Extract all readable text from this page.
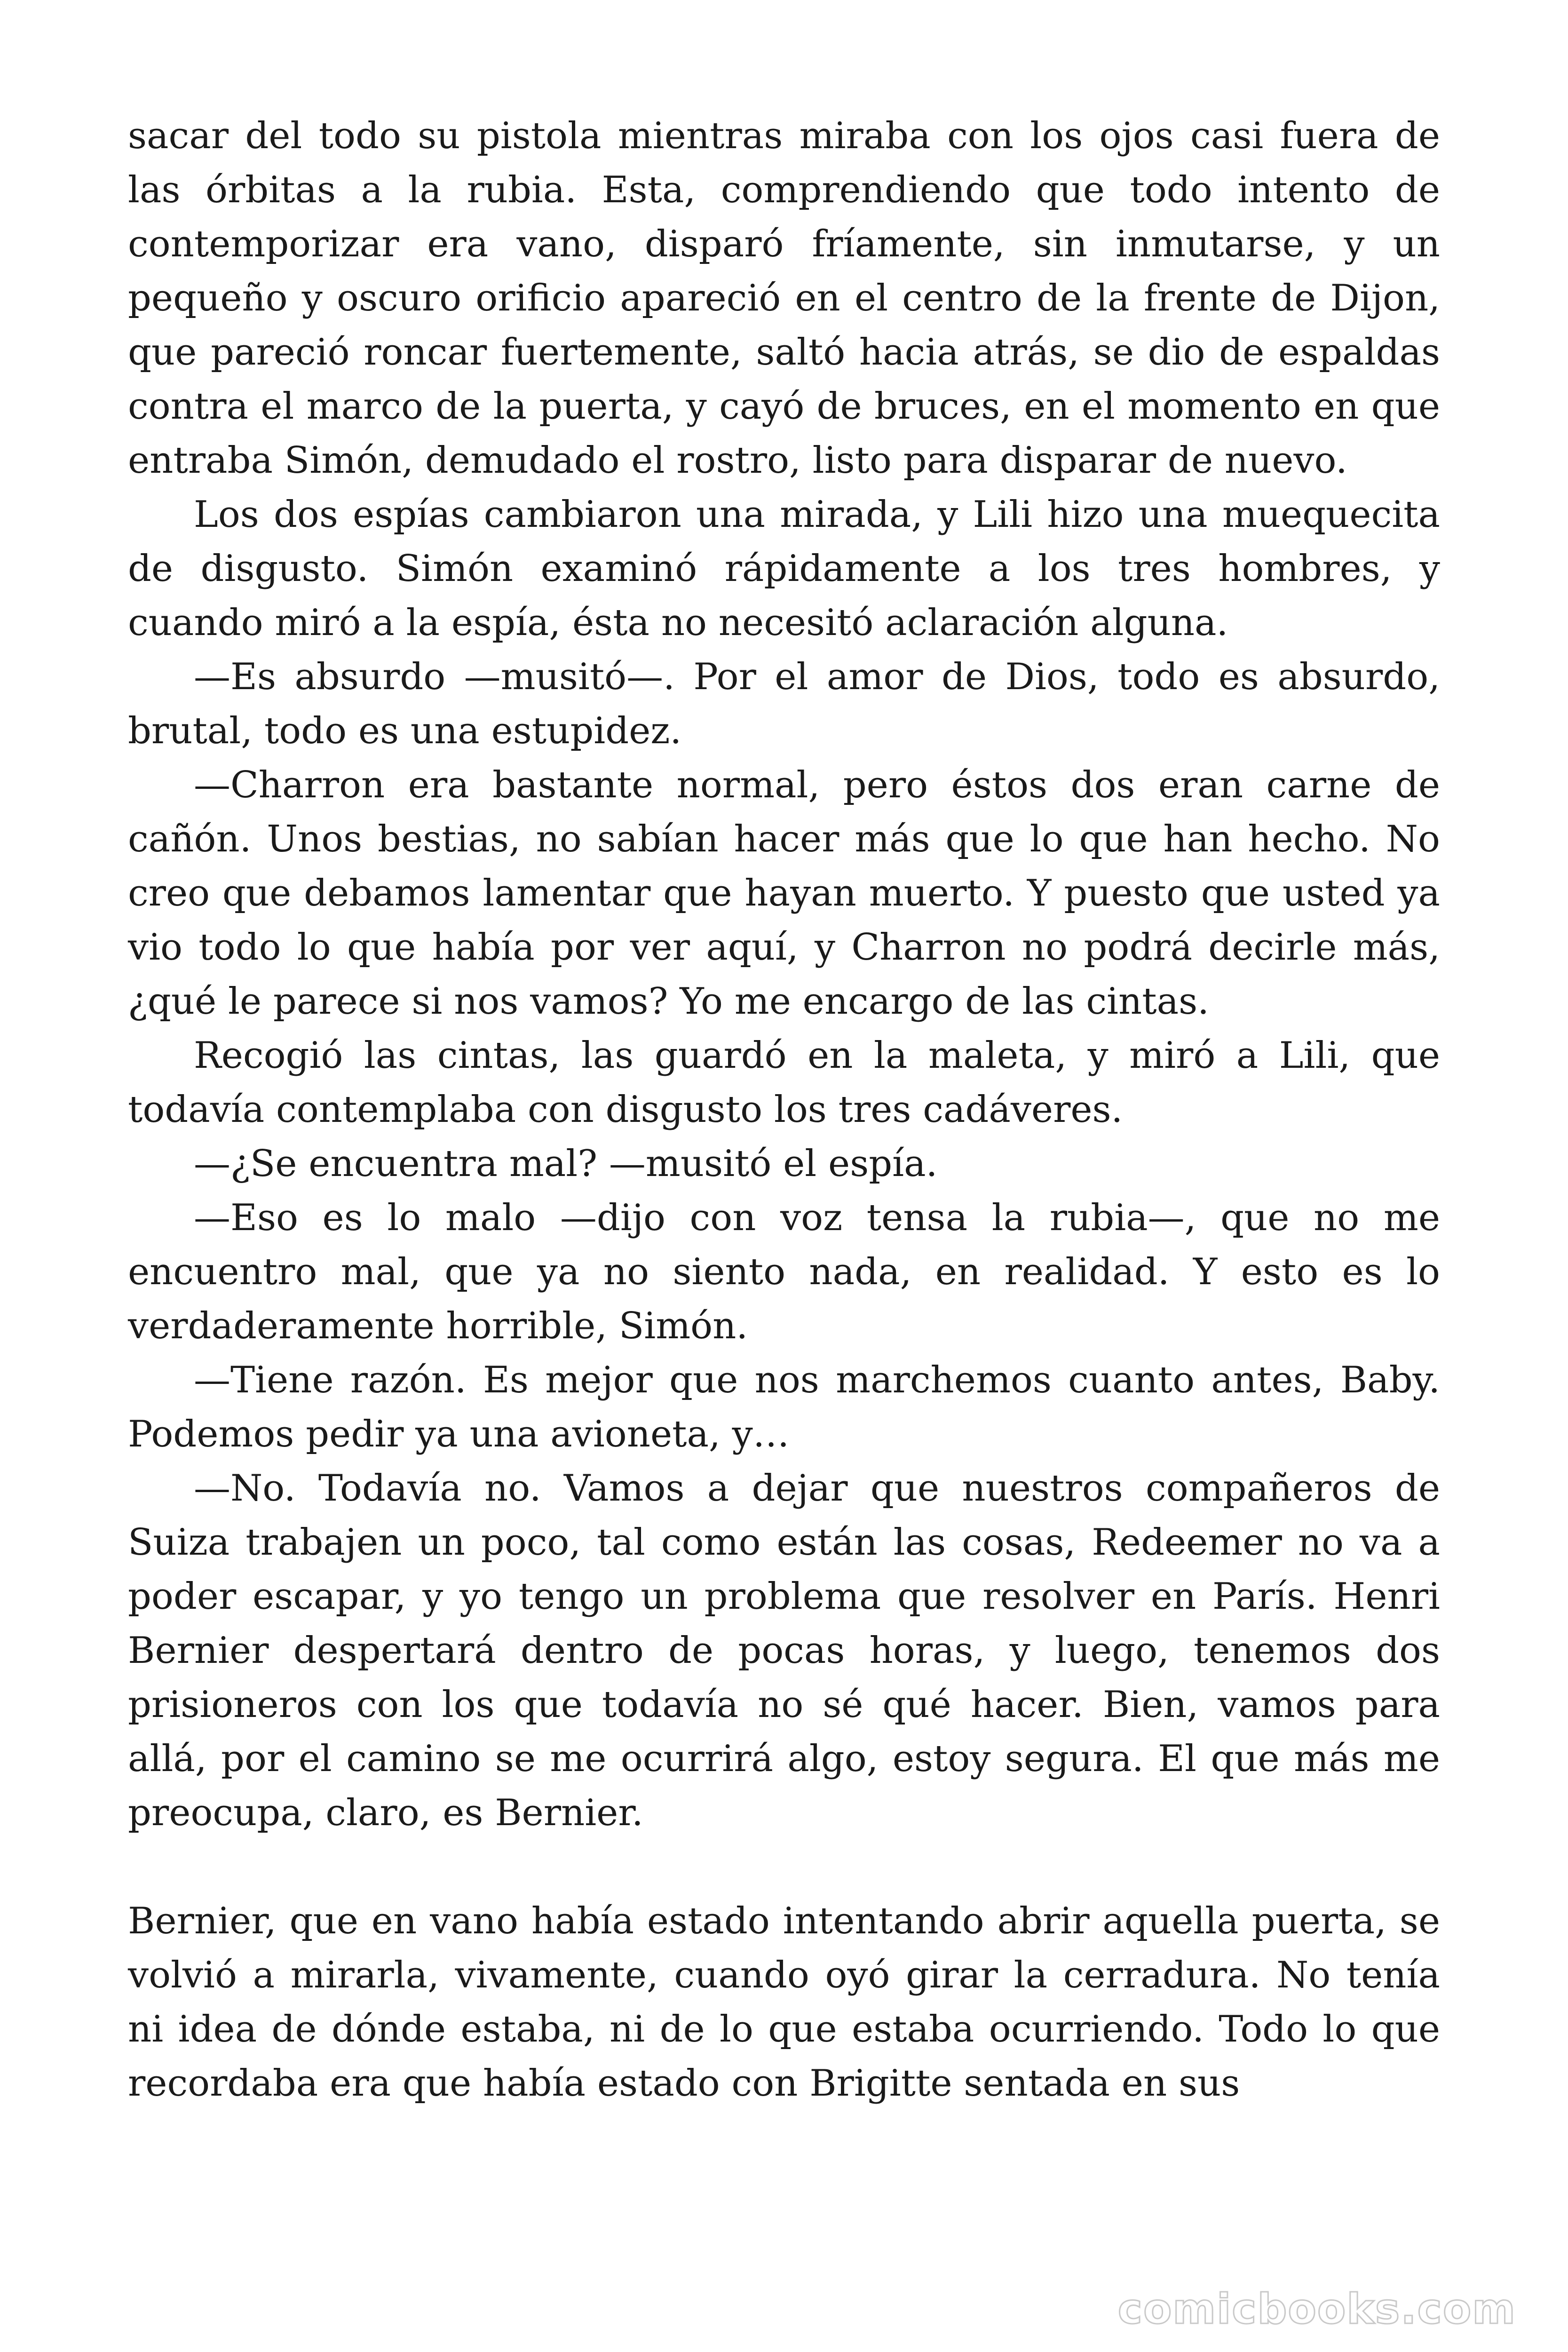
sacar del todo su pistola mientras miraba con los ojos casi fuera de las órbitas a la rubia. Esta, comprendiendo que todo intento de contemporizar era vano, disparó fríamente, sin inmutarse, y un pequeño y oscuro orificio apareció en el centro de la frente de Dijon, que pareció roncar fuertemente, saltó hacia atrás, se dio de espaldas contra el marco de la puerta, y cayó de bruces, en el momento en que entraba Simón, demudado el rostro, listo para disparar de nuevo.

Los dos espías cambiaron una mirada, y Lili hizo una muequecita de disgusto. Simón examinó rápidamente a los tres hombres, y cuando miró a la espía, ésta no necesitó aclaración alguna.

—Es absurdo —musitó—. Por el amor de Dios, todo es absurdo, brutal, todo es una estupidez.

—Charron era bastante normal, pero éstos dos eran carne de cañón. Unos bestias, no sabían hacer más que lo que han hecho. No creo que debamos lamentar que hayan muerto. Y puesto que usted ya vio todo lo que había por ver aquí, y Charron no podrá decirle más, ¿qué le parece si nos vamos? Yo me encargo de las cintas.

Recogió las cintas, las guardó en la maleta, y miró a Lili, que todavía contemplaba con disgusto los tres cadáveres.

—¿Se encuentra mal? —musitó el espía.

—Eso es lo malo —dijo con voz tensa la rubia—, que no me encuentro mal, que ya no siento nada, en realidad. Y esto es lo verdaderamente horrible, Simón.

—Tiene razón. Es mejor que nos marchemos cuanto antes, Baby. Podemos pedir ya una avioneta, y…

—No. Todavía no. Vamos a dejar que nuestros compañeros de Suiza trabajen un poco, tal como están las cosas, Redeemer no va a poder escapar, y yo tengo un problema que resolver en París. Henri Bernier despertará dentro de pocas horas, y luego, tenemos dos prisioneros con los que todavía no sé qué hacer. Bien, vamos para allá, por el camino se me ocurrirá algo, estoy segura. El que más me preocupa, claro, es Bernier.

Bernier, que en vano había estado intentando abrir aquella puerta, se volvió a mirarla, vivamente, cuando oyó girar la cerradura. No tenía ni idea de dónde estaba, ni de lo que estaba ocurriendo. Todo lo que recordaba era que había estado con Brigitte sentada en sus

comicbooks.com
